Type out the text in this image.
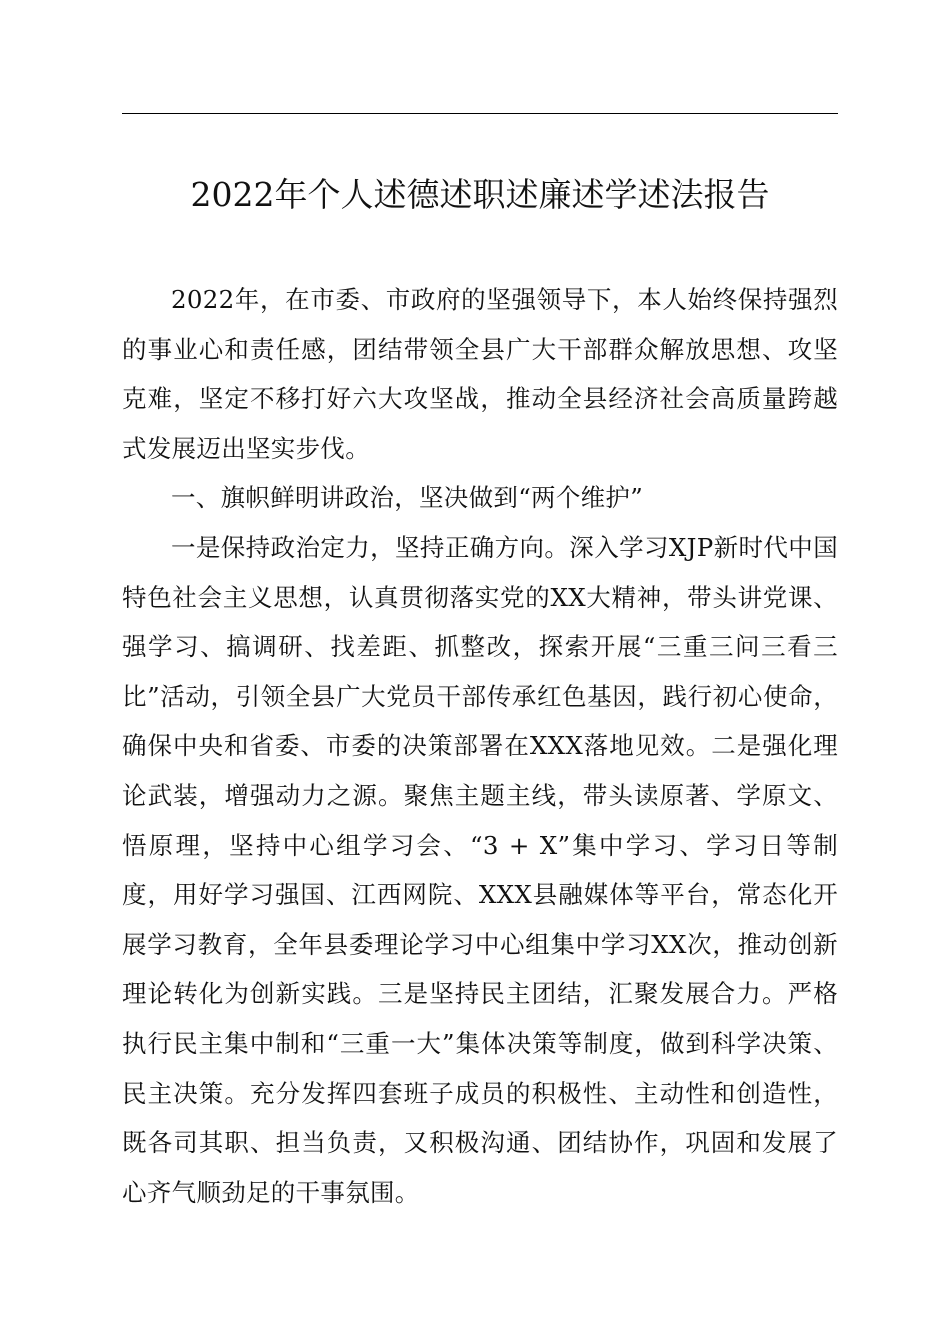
2022年个人述德述职述廉述学述法报告

2022年，在市委、市政府的坚强领导下，本人始终保持强烈的事业心和责任感，团结带领全县广大干部群众解放思想、攻坚克难，坚定不移打好六大攻坚战，推动全县经济社会高质量跨越式发展迈出坚实步伐。

一、旗帜鲜明讲政治，坚决做到“两个维护”

一是保持政治定力，坚持正确方向。深入学习XJP新时代中国特色社会主义思想，认真贯彻落实党的XX大精神，带头讲党课、强学习、搞调研、找差距、抓整改，探索开展“三重三问三看三比”活动，引领全县广大党员干部传承红色基因，践行初心使命，确保中央和省委、市委的决策部署在XXX落地见效。二是强化理论武装，增强动力之源。聚焦主题主线，带头读原著、学原文、悟原理，坚持中心组学习会、“3 + X”集中学习、学习日等制度，用好学习强国、江西网院、XXX县融媒体等平台，常态化开展学习教育，全年县委理论学习中心组集中学习XX次，推动创新理论转化为创新实践。三是坚持民主团结，汇聚发展合力。严格执行民主集中制和“三重一大”集体决策等制度，做到科学决策、民主决策。充分发挥四套班子成员的积极性、主动性和创造性，既各司其职、担当负责，又积极沟通、团结协作，巩固和发展了心齐气顺劲足的干事氛围。
